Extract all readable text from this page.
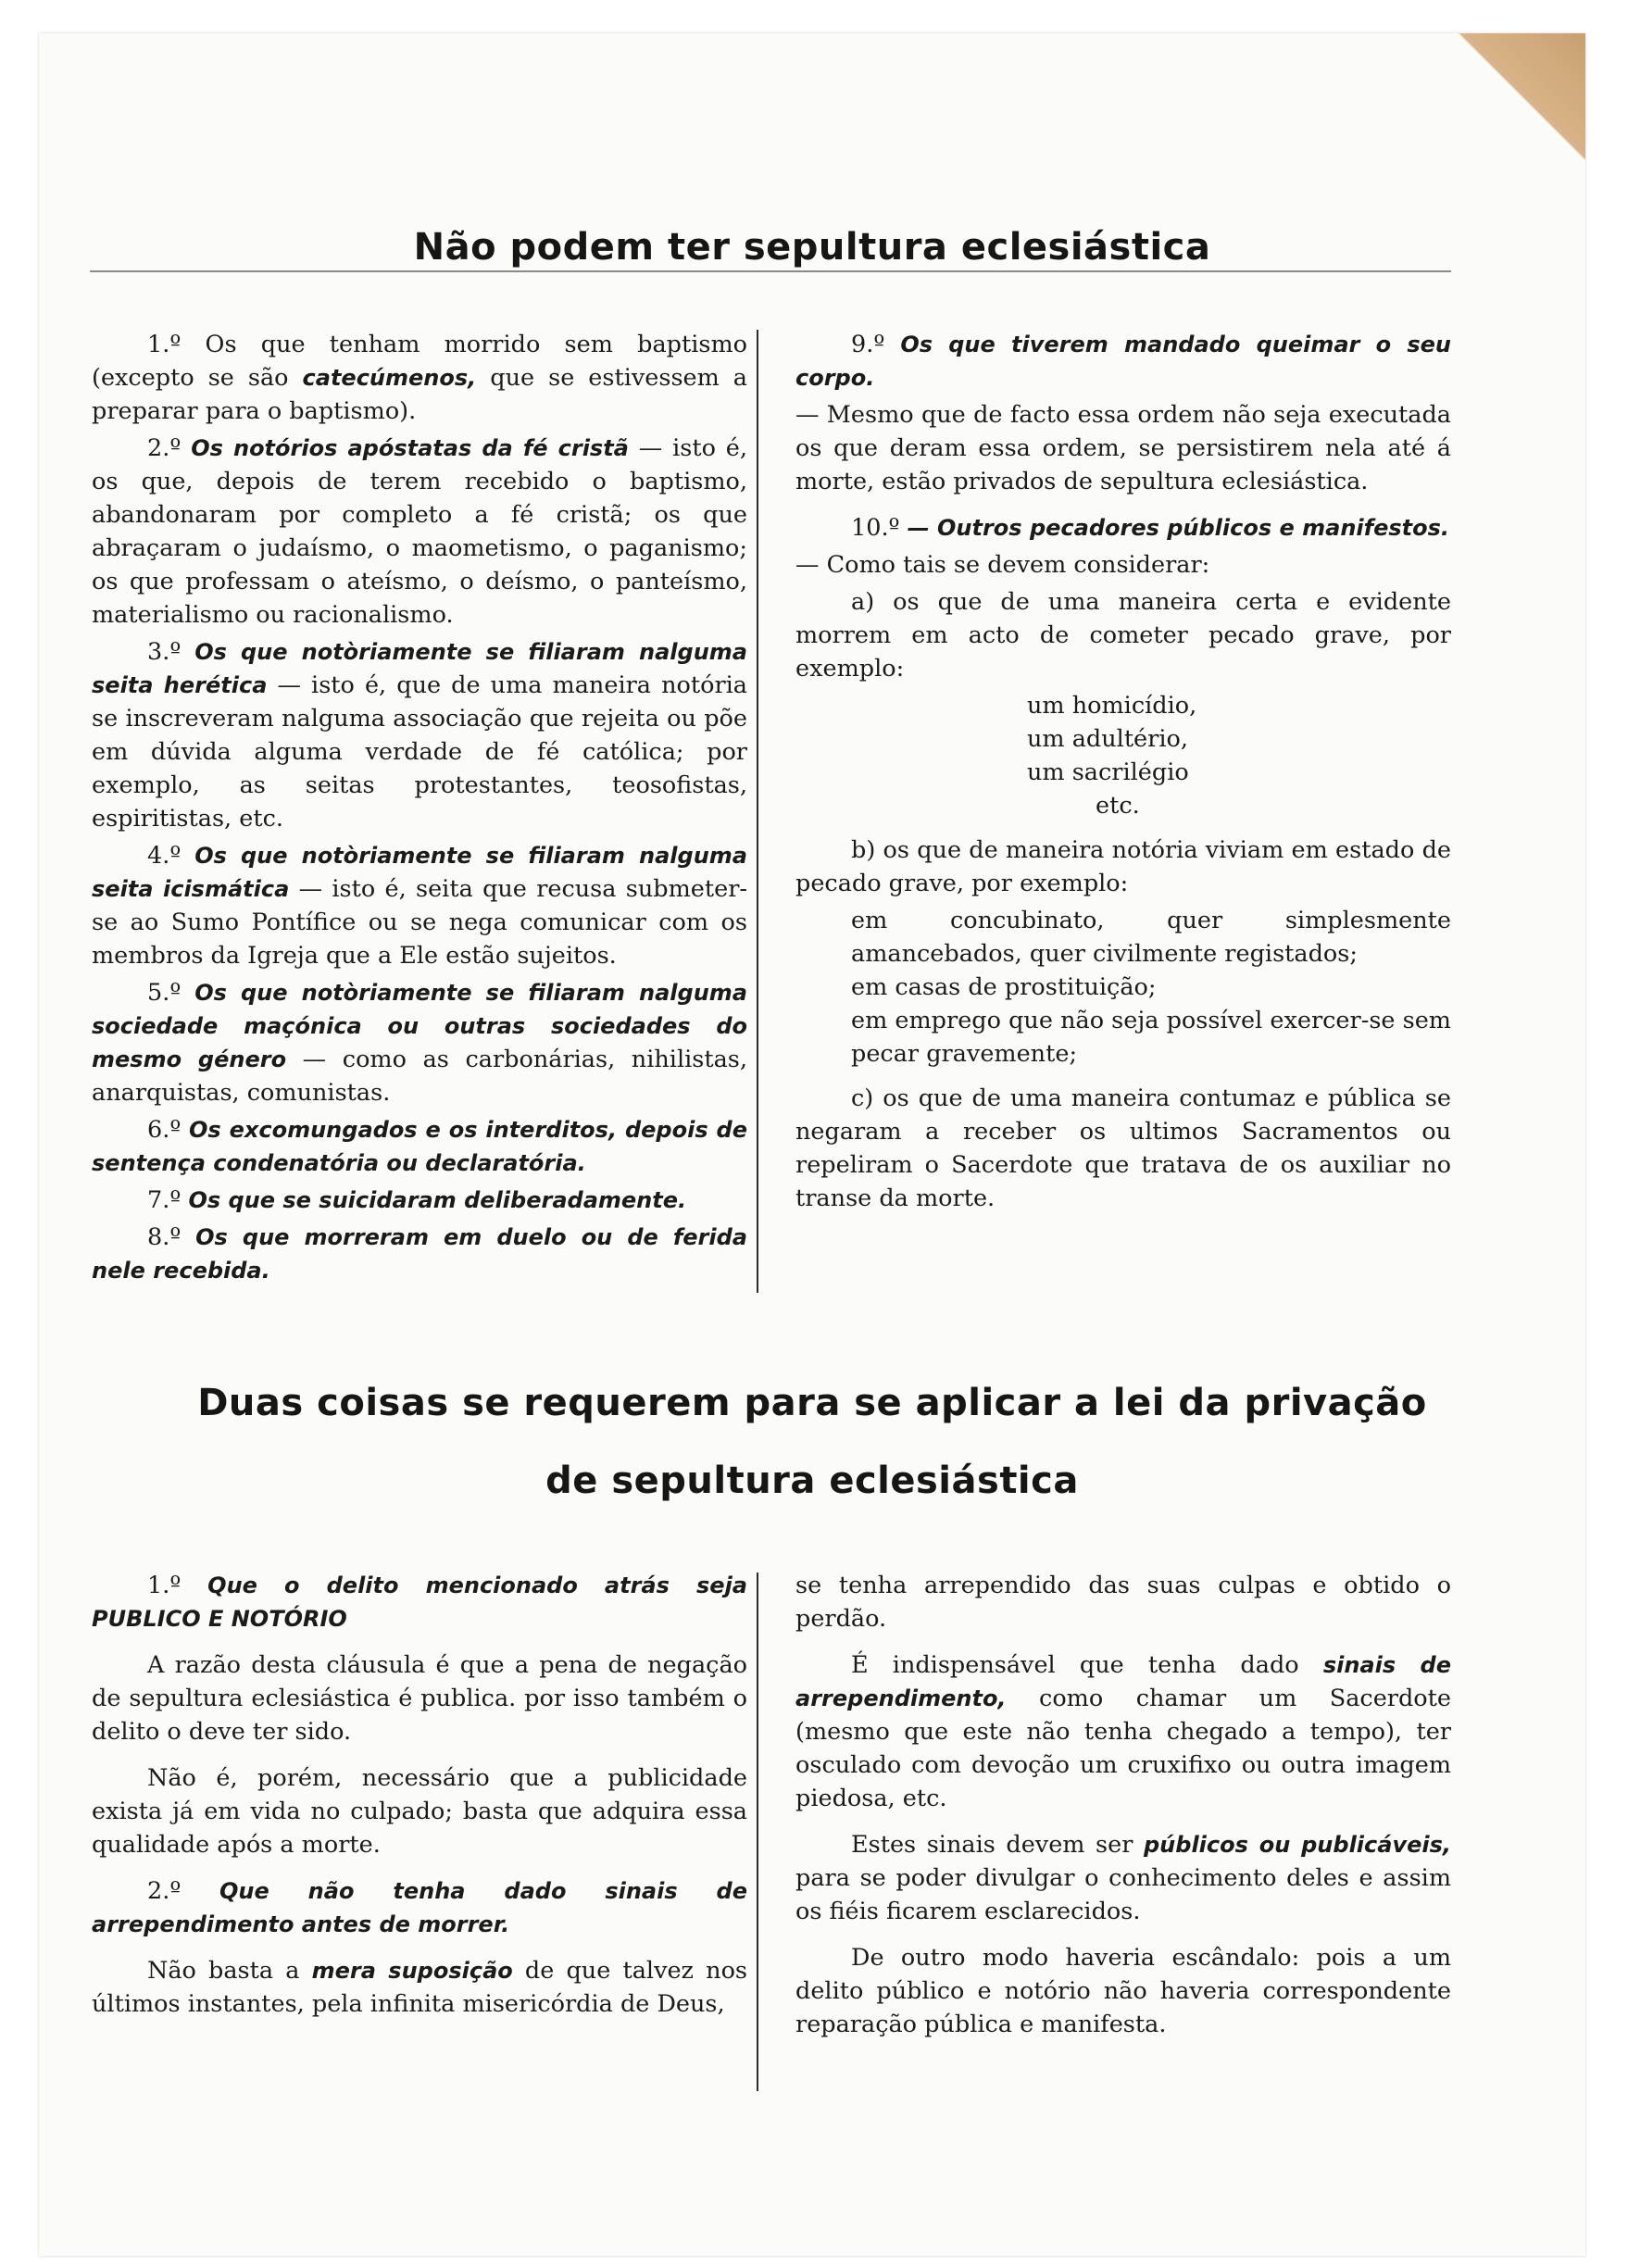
Não podem ter sepultura eclesiástica

1.º Os que tenham morrido sem baptismo (excepto se são catecúmenos, que se estivessem a preparar para o baptismo).

2.º Os notórios apóstatas da fé cristã — isto é, os que, depois de terem recebido o baptismo, abandonaram por completo a fé cristã; os que abraçaram o judaísmo, o maometismo, o paganismo; os que professam o ateísmo, o deísmo, o panteísmo, materialismo ou racionalismo.

3.º Os que notòriamente se filiaram nalguma seita herética — isto é, que de uma maneira notória se inscreveram nalguma associação que rejeita ou põe em dúvida alguma verdade de fé católica; por exemplo, as seitas protestantes, teosofistas, espiritistas, etc.

4.º Os que notòriamente se filiaram nalguma seita icismática — isto é, seita que recusa submeter-se ao Sumo Pontífice ou se nega comunicar com os membros da Igreja que a Ele estão sujeitos.

5.º Os que notòriamente se filiaram nalguma sociedade maçónica ou outras sociedades do mesmo género — como as carbonárias, nihilistas, anarquistas, comunistas.

6.º Os excomungados e os interditos, depois de sentença condenatória ou declaratória.

7.º Os que se suicidaram deliberadamente.

8.º Os que morreram em duelo ou de ferida nele recebida.

9.º Os que tiverem mandado queimar o seu corpo.

— Mesmo que de facto essa ordem não seja executada os que deram essa ordem, se persistirem nela até á morte, estão privados de sepultura eclesiástica.

10.º — Outros pecadores públicos e manifestos.

— Como tais se devem considerar:

a) os que de uma maneira certa e evidente morrem em acto de cometer pecado grave, por exemplo:

um homicídio,
um adultério,
um sacrilégio
etc.

b) os que de maneira notória viviam em estado de pecado grave, por exemplo:

em concubinato, quer simplesmente amancebados, quer civilmente registados;
em casas de prostituição;
em emprego que não seja possível exercer-se sem pecar gravemente;

c) os que de uma maneira contumaz e pública se negaram a receber os ultimos Sacramentos ou repeliram o Sacerdote que tratava de os auxiliar no transe da morte.

Duas coisas se requerem para se aplicar a lei da privação
de sepultura eclesiástica

1.º Que o delito mencionado atrás seja PUBLICO E NOTÓRIO

A razão desta cláusula é que a pena de negação de sepultura eclesiástica é publica. por isso também o delito o deve ter sido.

Não é, porém, necessário que a publicidade exista já em vida no culpado; basta que adquira essa qualidade após a morte.

2.º Que não tenha dado sinais de arrependimento antes de morrer.

Não basta a mera suposição de que talvez nos últimos instantes, pela infinita misericórdia de Deus,

se tenha arrependido das suas culpas e obtido o perdão.

É indispensável que tenha dado sinais de arrependimento, como chamar um Sacerdote (mesmo que este não tenha chegado a tempo), ter osculado com devoção um cruxifixo ou outra imagem piedosa, etc.

Estes sinais devem ser públicos ou publicáveis, para se poder divulgar o conhecimento deles e assim os fiéis ficarem esclarecidos.

De outro modo haveria escândalo: pois a um delito público e notório não haveria correspondente reparação pública e manifesta.
